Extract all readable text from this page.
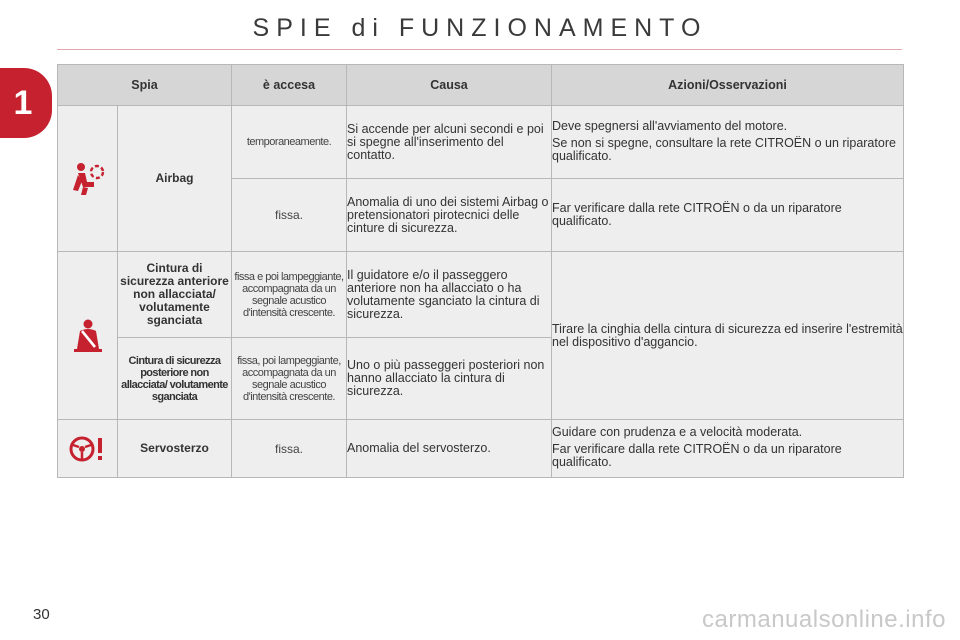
SPIE di FUNZIONAMENTO
1	Spia		è accesa	Causa	Azioni/Osservazioni
	Airbag	temporaneamente.	Si accende per alcuni secondi e poi si spegne all'inserimento del contatto.	Deve spegnersi all'avviamento del motore.

Se non si spegne, consultare la rete CITROËN o un riparatore qualificato.

		fissa.	Anomalia di uno dei sistemi Airbag o pretensionatori pirotecnici delle cinture di sicurezza.	Far verificare dalla rete CITROËN o da un riparatore qualificato.
	Cintura di sicurezza anteriore non allacciata/ volutamente sganciata	fissa e poi lampeggiante, accompagnata da un segnale acustico d'intensità crescente.	Il guidatore e/o il passeggero anteriore non ha allacciato o ha volutamente sganciato la cintura di sicurezza.	Tirare la cinghia della cintura di sicurezza ed inserire l'estremità nel dispositivo d'aggancio.
	Cintura di sicurezza posteriore non allacciata/ volutamente sganciata	fissa, poi lampeggiante, accompagnata da un segnale acustico d'intensità crescente.	Uno o più passeggeri posteriori non hanno allacciato la cintura di sicurezza.	
	Servosterzo	fissa.	Anomalia del servosterzo.	Guidare con prudenza e a velocità moderata.

Far verificare dalla rete CITROËN o da un riparatore qualificato.

30	carmanualsonline.info
